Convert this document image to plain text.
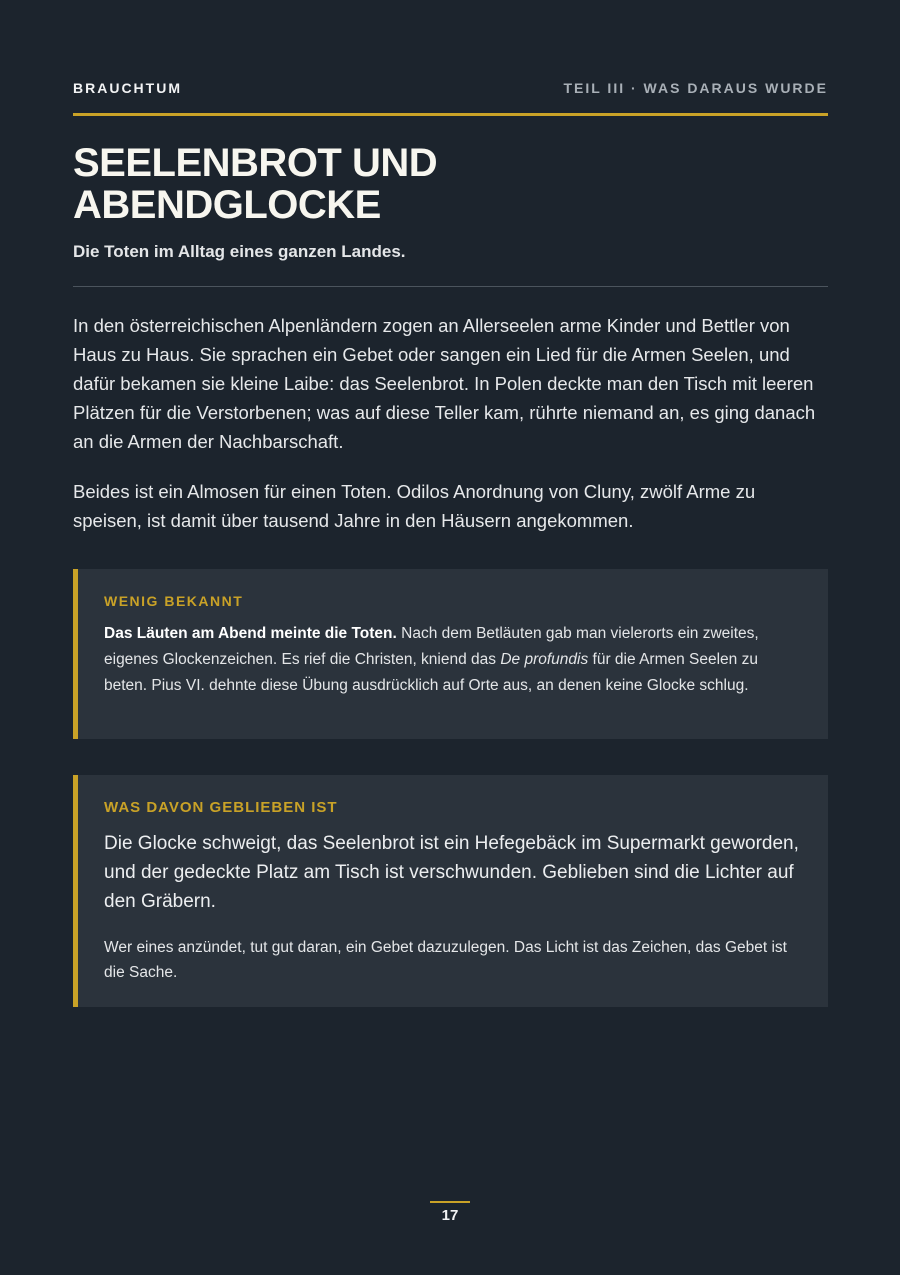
BRAUCHTUM	TEIL III · WAS DARAUS WURDE
SEELENBROT UND
ABENDGLOCKE

Die Toten im Alltag eines ganzen Landes.

In den österreichischen Alpenländern zogen an Allerseelen arme Kinder und Bettler von Haus zu Haus. Sie sprachen ein Gebet oder sangen ein Lied für die Armen Seelen, und dafür bekamen sie kleine Laibe: das Seelenbrot. In Polen deckte man den Tisch mit leeren Plätzen für die Verstorbenen; was auf diese Teller kam, rührte niemand an, es ging danach an die Armen der Nachbarschaft.

Beides ist ein Almosen für einen Toten. Odilos Anordnung von Cluny, zwölf Arme zu speisen, ist damit über tausend Jahre in den Häusern angekommen.

WENIG BEKANNT

Das Läuten am Abend meinte die Toten. Nach dem Betläuten gab man vielerorts ein zweites, eigenes Glockenzeichen. Es rief die Christen, kniend das De profundis für die Armen Seelen zu beten. Pius VI. dehnte diese Übung ausdrücklich auf Orte aus, an denen keine Glocke schlug.

WAS DAVON GEBLIEBEN IST

Die Glocke schweigt, das Seelenbrot ist ein Hefegebäck im Supermarkt geworden, und der gedeckte Platz am Tisch ist verschwunden. Geblieben sind die Lichter auf den Gräbern.

Wer eines anzündet, tut gut daran, ein Gebet dazuzulegen. Das Licht ist das Zeichen, das Gebet ist die Sache.

17
